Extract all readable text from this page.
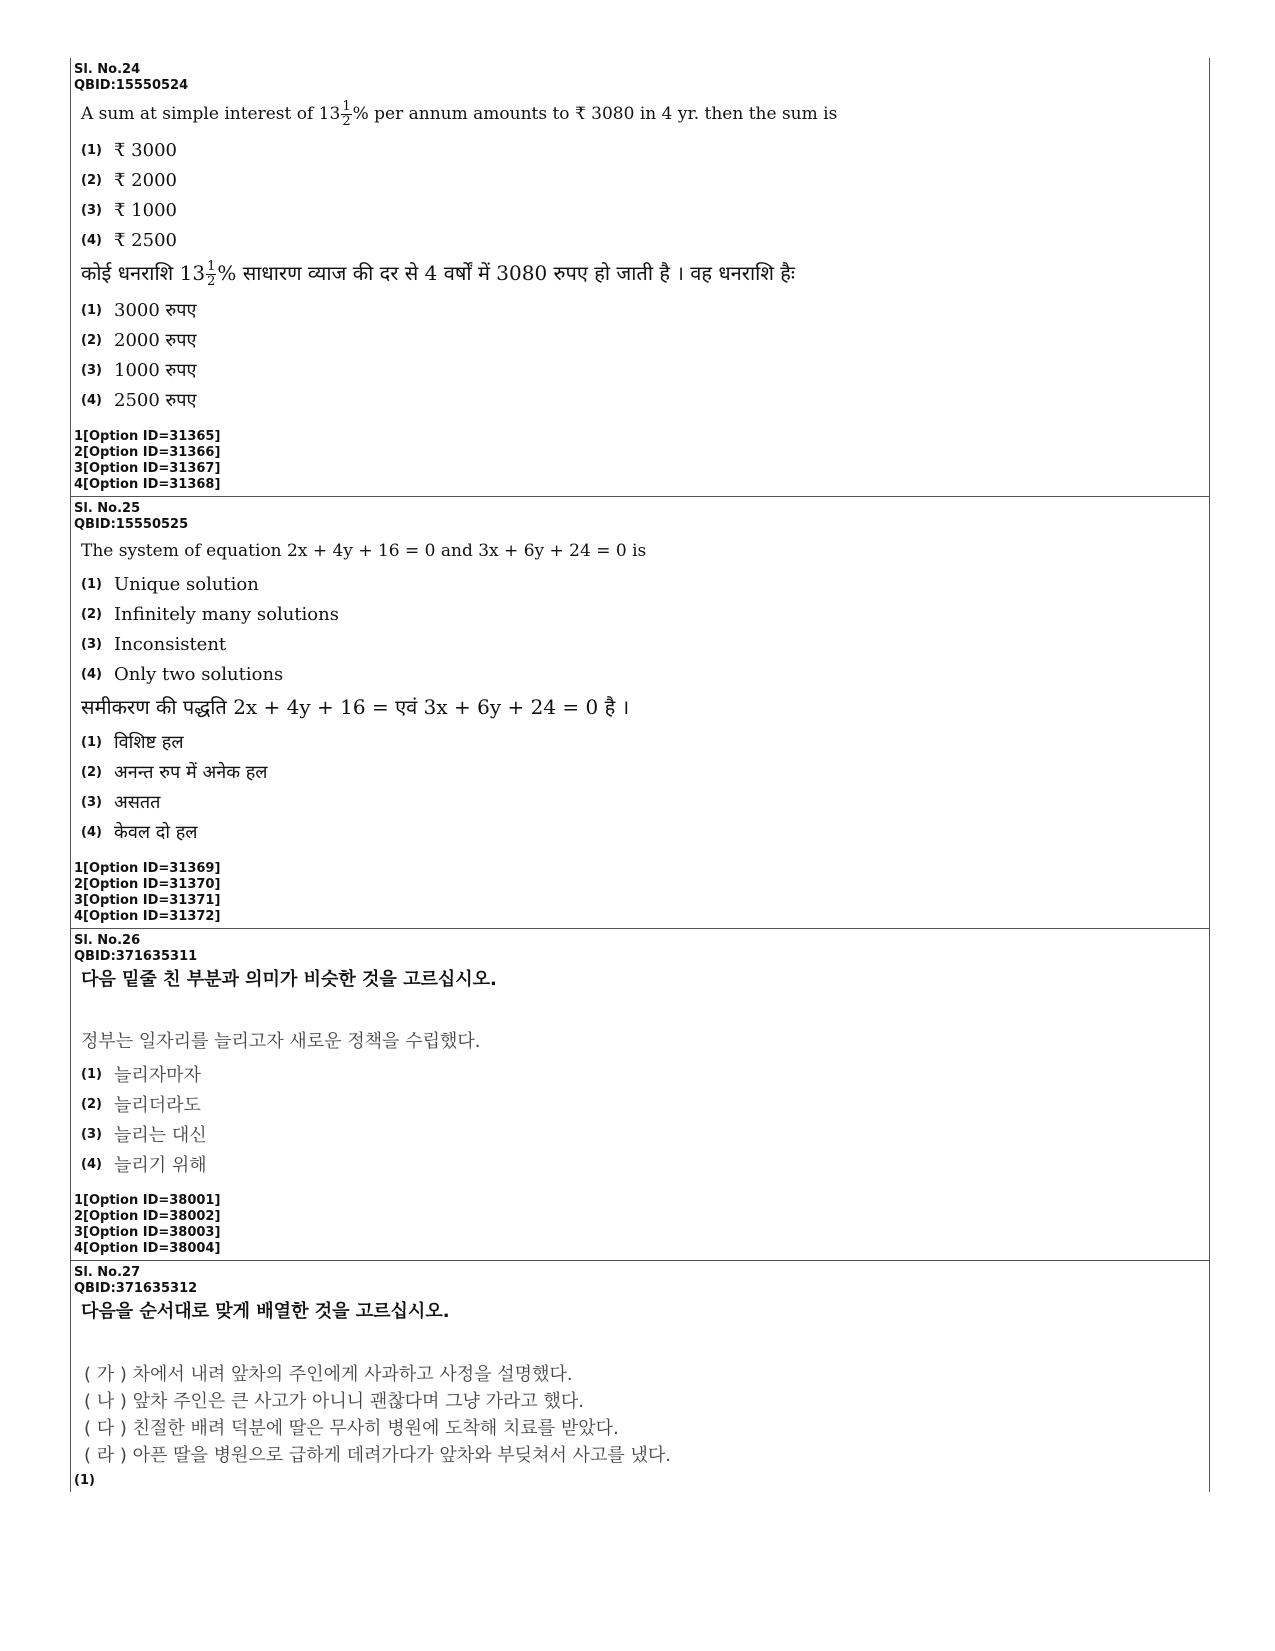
Sl. No.24
QBID:15550524
A sum at simple interest of $13 \frac{1}{2}$ % per annum amounts to ₹ 3080 in 4 yr. then the sum is
(1) ₹ 3000
(2) ₹ 2000
(3) ₹ 1000
(4) ₹ 2500
कोई धनराशि $13 \frac{1}{2}$ % साधारण व्याज की दर से 4 वर्षों में 3080 रुपए हो जाती है । वह धनराशि हैः
(1) 3000 रुपए
(2) 2000 रुपए
(3) 1000 रुपए
(4) 2500 रुपए
1[Option ID=31365]
2[Option ID=31366]
3[Option ID=31367]
4[Option ID=31368]
Sl. No.25
QBID:15550525
The system of equation 2x + 4y + 16 = 0 and 3x + 6y + 24 = 0 is
(1) Unique solution
(2) Infinitely many solutions
(3) Inconsistent
(4) Only two solutions
समीकरण की पद्धति 2x + 4y + 16 = एवं 3x + 6y + 24 = 0 है ।
(1) विशिष्ट हल
(2) अनन्त रुप में अनेक हल
(3) असतत
(4) केवल दो हल
1[Option ID=31369]
2[Option ID=31370]
3[Option ID=31371]
4[Option ID=31372]
Sl. No.26
QBID:371635311
다음 밑줄 친 부분과 의미가 비슷한 것을 고르십시오.
정부는 일자리를 늘리고자 새로운 정책을 수립했다.
(1) 늘리자마자
(2) 늘리더라도
(3) 늘리는 대신
(4) 늘리기 위해
1[Option ID=38001]
2[Option ID=38002]
3[Option ID=38003]
4[Option ID=38004]
Sl. No.27
QBID:371635312
다음을 순서대로 맞게 배열한 것을 고르십시오.
( 가 ) 차에서 내려 앞차의 주인에게 사과하고 사정을 설명했다.
( 나 ) 앞차 주인은 큰 사고가 아니니 괜찮다며 그냥 가라고 했다.
( 다 ) 친절한 배려 덕분에 딸은 무사히 병원에 도착해 치료를 받았다.
( 라 ) 아픈 딸을 병원으로 급하게 데려가다가 앞차와 부딪쳐서 사고를 냈다.
(1)
